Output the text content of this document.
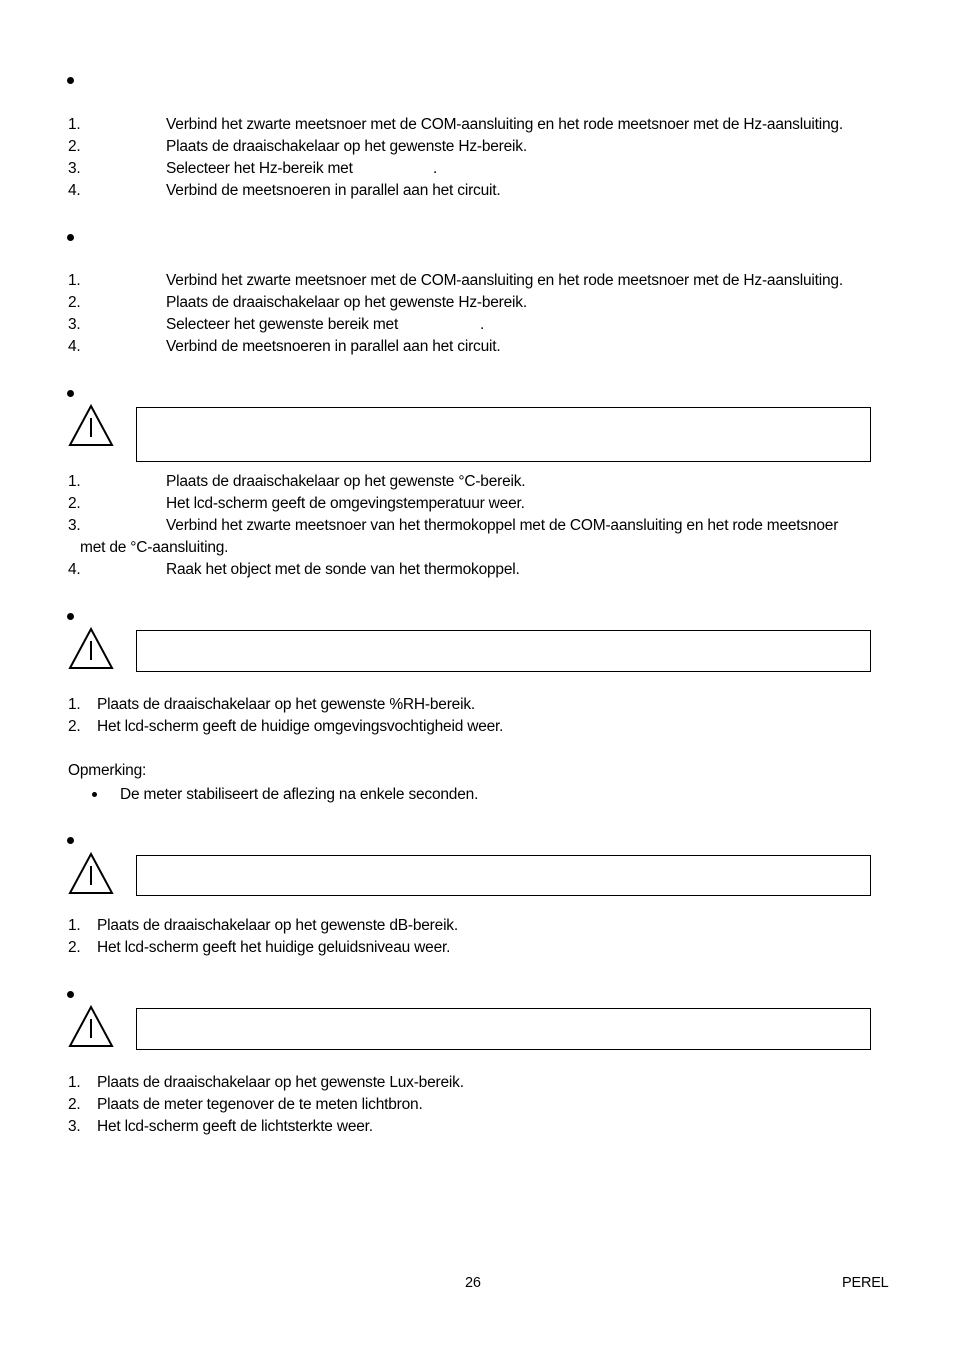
1.	Verbind het zwarte meetsnoer met de COM-aansluiting en het rode meetsnoer met de Hz-aansluiting.
2.	Plaats de draaischakelaar op het gewenste Hz-bereik.
3.	Selecteer het Hz-bereik met	.
4.	Verbind de meetsnoeren in parallel aan het circuit.
1.	Verbind het zwarte meetsnoer met de COM-aansluiting en het rode meetsnoer met de Hz-aansluiting.
2.	Plaats de draaischakelaar op het gewenste Hz-bereik.
3.	Selecteer het gewenste bereik met	.
4.	Verbind de meetsnoeren in parallel aan het circuit.
1.	Plaats de draaischakelaar op het gewenste °C-bereik.
2.	Het lcd-scherm geeft de omgevingstemperatuur weer.
3.	Verbind het zwarte meetsnoer van het thermokoppel met de COM-aansluiting en het rode meetsnoer
met de °C-aansluiting.
4.	Raak het object met de sonde van het thermokoppel.
1. Plaats de draaischakelaar op het gewenste %RH-bereik.
2. Het lcd-scherm geeft de huidige omgevingsvochtigheid weer.
Opmerking:
De meter stabiliseert de aflezing na enkele seconden.
1. Plaats de draaischakelaar op het gewenste dB-bereik.
2. Het lcd-scherm geeft het huidige geluidsniveau weer.
1. Plaats de draaischakelaar op het gewenste Lux-bereik.
2. Plaats de meter tegenover de te meten lichtbron.
3. Het lcd-scherm geeft de lichtsterkte weer.
26	PEREL
